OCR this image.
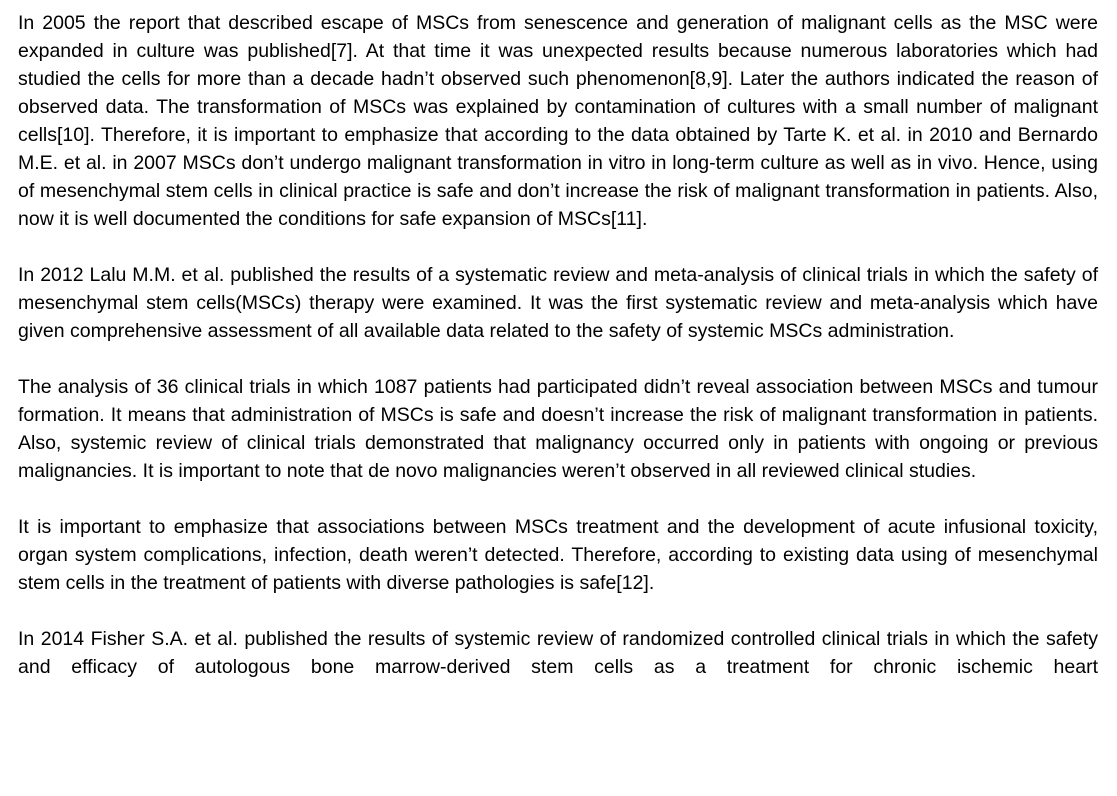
In 2005 the report that described escape of MSCs from senescence and generation of malignant cells as the MSC were expanded in culture was published[7]. At that time it was unexpected results because numerous laboratories which had studied the cells for more than a decade hadn’t observed such phenomenon[8,9]. Later the authors indicated the reason of observed data. The transformation of MSCs was explained by contamination of cultures with a small number of malignant cells[10]. Therefore, it is important to emphasize that according to the data obtained by Tarte K. et al. in 2010 and Bernardo M.E. et al. in 2007 MSCs don’t undergo malignant transformation in vitro in long-term culture as well as in vivo. Hence, using of mesenchymal stem cells in clinical practice is safe and don’t increase the risk of malignant transformation in patients. Also, now it is well documented the conditions for safe expansion of MSCs[11].

In 2012 Lalu M.M. et al. published the results of a systematic review and meta-analysis of clinical trials in which the safety of mesenchymal stem cells(MSCs) therapy were examined. It was the first systematic review and meta-analysis which have given comprehensive assessment of all available data related to the safety of systemic MSCs administration.

The analysis of 36 clinical trials in which 1087 patients had participated didn’t reveal association between MSCs and tumour formation. It means that administration of MSCs is safe and doesn’t increase the risk of malignant transformation in patients. Also, systemic review of clinical trials demonstrated that malignancy occurred only in patients with ongoing or previous malignancies. It is important to note that de novo malignancies weren’t observed in all reviewed clinical studies.

It is important to emphasize that associations between MSCs treatment and the development of acute infusional toxicity, organ system complications, infection, death weren’t detected. Therefore, according to existing data using of mesenchymal stem cells in the treatment of patients with diverse pathologies is safe[12].

In 2014 Fisher S.A. et al. published the results of systemic review of randomized controlled clinical trials in which the safety and efficacy of autologous bone marrow-derived stem cells as a treatment for chronic ischemic heart
